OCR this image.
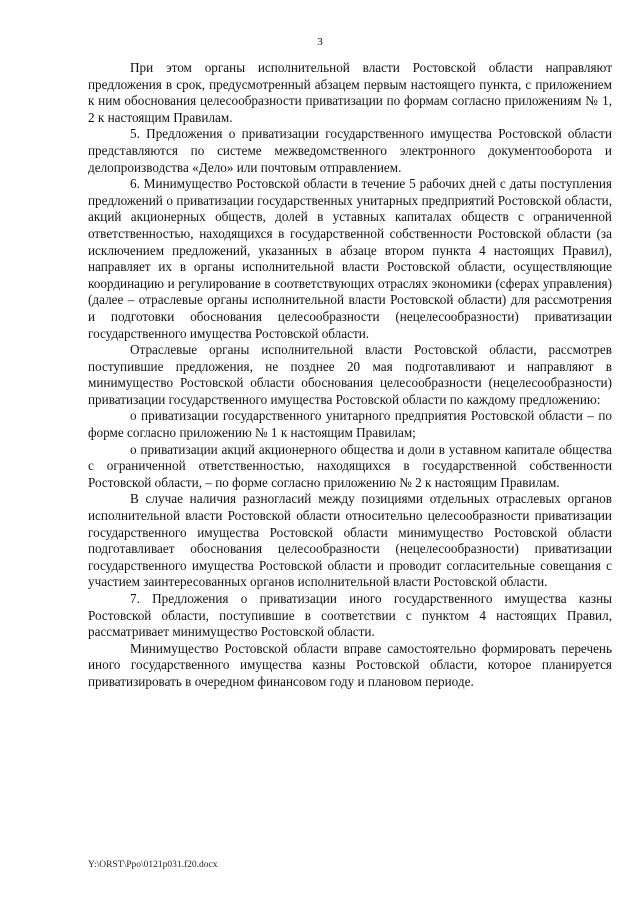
3

При этом органы исполнительной власти Ростовской области направляют предложения в срок, предусмотренный абзацем первым настоящего пункта, с приложением к ним обоснования целесообразности приватизации по формам согласно приложениям № 1, 2 к настоящим Правилам.

5. Предложения о приватизации государственного имущества Ростовской области представляются по системе межведомственного электронного документооборота и делопроизводства «Дело» или почтовым отправлением.

6. Минимущество Ростовской области в течение 5 рабочих дней с даты поступления предложений о приватизации государственных унитарных предприятий Ростовской области, акций акционерных обществ, долей в уставных капиталах обществ с ограниченной ответственностью, находящихся в государственной собственности Ростовской области (за исключением предложений, указанных в абзаце втором пункта 4 настоящих Правил), направляет их в органы исполнительной власти Ростовской области, осуществляющие координацию и регулирование в соответствующих отраслях экономики (сферах управления) (далее – отраслевые органы исполнительной власти Ростовской области) для рассмотрения и подготовки обоснования целесообразности (нецелесообразности) приватизации государственного имущества Ростовской области.

Отраслевые органы исполнительной власти Ростовской области, рассмотрев поступившие предложения, не позднее 20 мая подготавливают и направляют в минимущество Ростовской области обоснования целесообразности (нецелесообразности) приватизации государственного имущества Ростовской области по каждому предложению:

о приватизации государственного унитарного предприятия Ростовской области – по форме согласно приложению № 1 к настоящим Правилам;

о приватизации акций акционерного общества и доли в уставном капитале общества с ограниченной ответственностью, находящихся в государственной собственности Ростовской области, – по форме согласно приложению № 2 к настоящим Правилам.

В случае наличия разногласий между позициями отдельных отраслевых органов исполнительной власти Ростовской области относительно целесообразности приватизации государственного имущества Ростовской области минимущество Ростовской области подготавливает обоснования целесообразности (нецелесообразности) приватизации государственного имущества Ростовской области и проводит согласительные совещания с участием заинтересованных органов исполнительной власти Ростовской области.

7. Предложения о приватизации иного государственного имущества казны Ростовской области, поступившие в соответствии с пунктом 4 настоящих Правил, рассматривает минимущество Ростовской области.

Минимущество Ростовской области вправе самостоятельно формировать перечень иного государственного имущества казны Ростовской области, которое планируется приватизировать в очередном финансовом году и плановом периоде.

Y:\ORST\Ppo\0121p031.f20.docx
